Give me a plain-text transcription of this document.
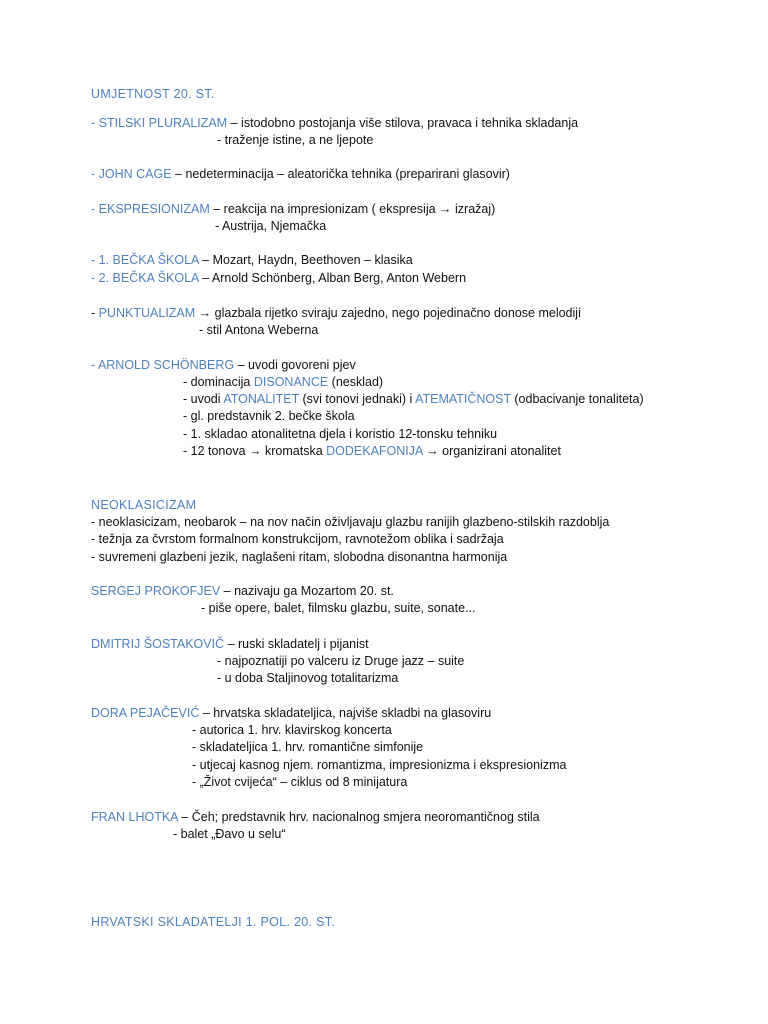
UMJETNOST 20. ST.
- STILSKI PLURALIZAM – istodobno postojanja više stilova, pravaca i tehnika skladanja
- traženje istine, a ne ljepote
- JOHN CAGE – nedeterminacija – aleatorička tehnika (preparirani glasovir)
- EKSPRESIONIZAM – reakcija na impresionizam ( ekspresija → izražaj)
- Austrija, Njemačka
- 1. BEČKA ŠKOLA – Mozart, Haydn, Beethoven – klasika
- 2. BEČKA ŠKOLA – Arnold Schönberg, Alban Berg, Anton Webern
- PUNKTUALIZAM → glazbala rijetko sviraju zajedno, nego pojedinačno donose melodiji
- stil Antona Weberna
- ARNOLD SCHÖNBERG – uvodi govoreni pjev
- dominacija DISONANCE (nesklad)
- uvodi ATONALITET (svi tonovi jednaki) i ATEMATIČNOST (odbacivanje tonaliteta)
- gl. predstavnik 2. bečke škola
- 1. skladao atonalitetna djela i koristio 12-tonsku tehniku
- 12 tonova → kromatska DODEKAFONIJA → organizirani atonalitet
NEOKLASICIZAM
- neoklasicizam, neobarok – na nov način oživljavaju glazbu ranijih glazbeno-stilskih razdoblja
- težnja za čvrstom formalnom konstrukcijom, ravnotežom oblika i sadržaja
- suvremeni glazbeni jezik, naglašeni ritam, slobodna disonantna harmonija
SERGEJ PROKOFJEV – nazivaju ga Mozartom 20. st.
- piše opere, balet, filmsku glazbu, suite, sonate...
DMITRIJ ŠOSTAKOVIČ – ruski skladatelj i pijanist
- najpoznatiji po valceru iz Druge jazz – suite
- u doba Staljinovog totalitarizma
DORA PEJAČEVIĆ – hrvatska skladateljica, najviše skladbi na glasoviru
- autorica 1. hrv. klavirskog koncerta
- skladateljica 1. hrv. romantične simfonije
- utjecaj kasnog njem. romantizma, impresionizma i ekspresionizma
- „Život cvijeća“ – ciklus od 8 minijatura
FRAN LHOTKA – Čeh; predstavnik hrv. nacionalnog smjera neoromantičnog stila
- balet „Đavo u selu“
HRVATSKI SKLADATELJI 1. POL. 20. ST.
